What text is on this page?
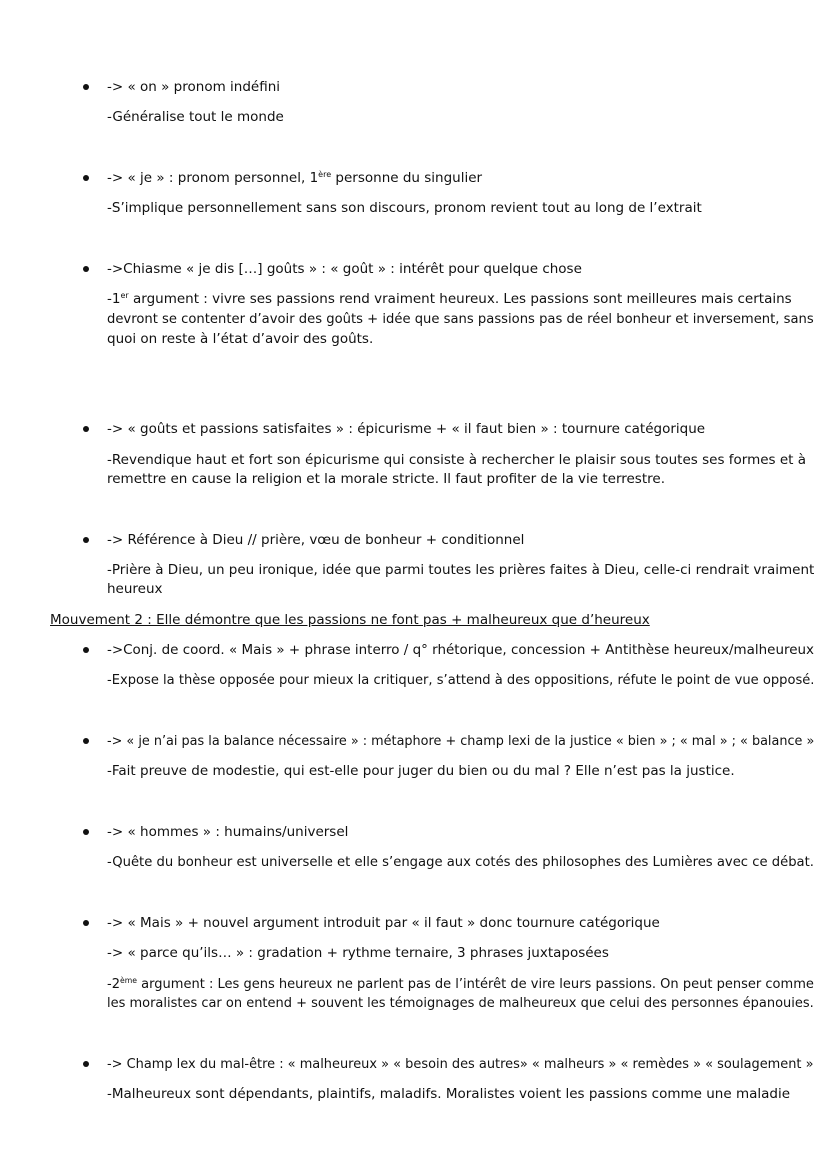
-> « on » pronom indéfini
-Généralise tout le monde
-> « je » : pronom personnel, 1ère personne du singulier
-S’implique personnellement sans son discours, pronom revient tout au long de l’extrait
->Chiasme « je dis […] goûts » : « goût » : intérêt pour quelque chose
-1er argument : vivre ses passions rend vraiment heureux. Les passions sont meilleures mais certains
devront se contenter d’avoir des goûts + idée que sans passions pas de réel bonheur et inversement, sans
quoi on reste à l’état d’avoir des goûts.
-> « goûts et passions satisfaites » : épicurisme + « il faut bien » : tournure catégorique
-Revendique haut et fort son épicurisme qui consiste à rechercher le plaisir sous toutes ses formes et à
remettre en cause la religion et la morale stricte. Il faut profiter de la vie terrestre.
-> Référence à Dieu // prière, vœu de bonheur + conditionnel
-Prière à Dieu, un peu ironique, idée que parmi toutes les prières faites à Dieu, celle-ci rendrait vraiment
heureux
Mouvement 2 : Elle démontre que les passions ne font pas + malheureux que d’heureux
->Conj. de coord. « Mais » + phrase interro / q° rhétorique, concession + Antithèse heureux/malheureux
-Expose la thèse opposée pour mieux la critiquer, s’attend à des oppositions, réfute le point de vue opposé.
-> « je n’ai pas la balance nécessaire » : métaphore + champ lexi de la justice « bien » ; « mal » ; « balance »
-Fait preuve de modestie, qui est-elle pour juger du bien ou du mal ? Elle n’est pas la justice.
-> « hommes » : humains/universel
-Quête du bonheur est universelle et elle s’engage aux cotés des philosophes des Lumières avec ce débat.
-> « Mais » + nouvel argument introduit par « il faut » donc tournure catégorique
-> « parce qu’ils… » : gradation + rythme ternaire, 3 phrases juxtaposées
-2ème argument : Les gens heureux ne parlent pas de l’intérêt de vire leurs passions. On peut penser comme
les moralistes car on entend + souvent les témoignages de malheureux que celui des personnes épanouies.
-> Champ lex du mal-être : « malheureux » « besoin des autres» « malheurs » « remèdes » « soulagement »
-Malheureux sont dépendants, plaintifs, maladifs. Moralistes voient les passions comme une maladie
